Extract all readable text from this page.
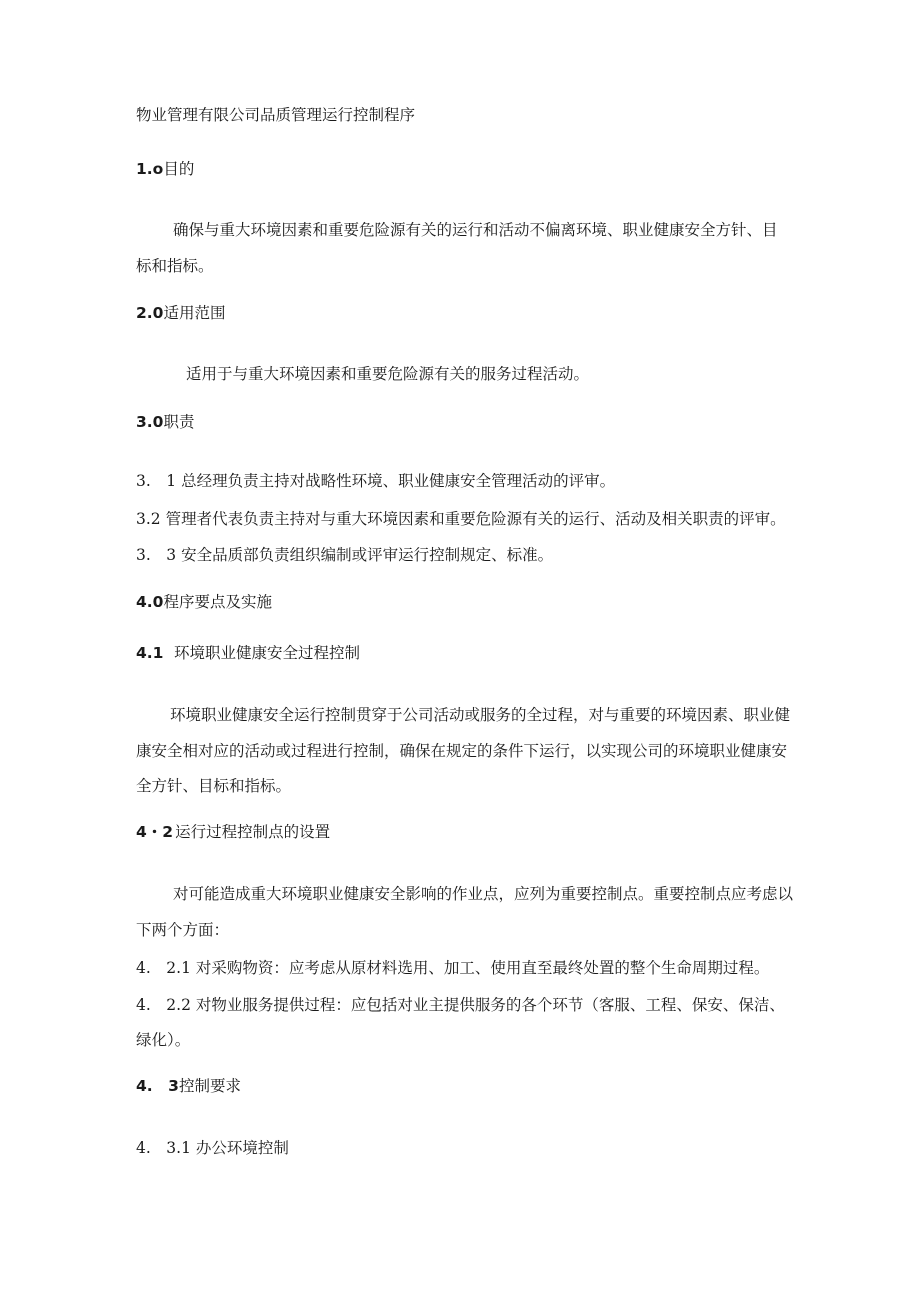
物业管理有限公司品质管理运行控制程序
1.o目的
确保与重大环境因素和重要危险源有关的运行和活动不偏离环境、职业健康安全方针、目
标和指标。
2.0适用范围
适用于与重大环境因素和重要危险源有关的服务过程活动。
3.0职责
3.　1 总经理负责主持对战略性环境、职业健康安全管理活动的评审。
3.2 管理者代表负责主持对与重大环境因素和重要危险源有关的运行、活动及相关职责的评审。
3.　3 安全品质部负责组织编制或评审运行控制规定、标准。
4.0程序要点及实施
4.1 环境职业健康安全过程控制
环境职业健康安全运行控制贯穿于公司活动或服务的全过程，对与重要的环境因素、职业健
康安全相对应的活动或过程进行控制，确保在规定的条件下运行，以实现公司的环境职业健康安
全方针、目标和指标。
4・2 运行过程控制点的设置
对可能造成重大环境职业健康安全影响的作业点，应列为重要控制点。重要控制点应考虑以
下两个方面：
4.　2.1 对采购物资：应考虑从原材料选用、加工、使用直至最终处置的整个生命周期过程。
4.　2.2 对物业服务提供过程：应包括对业主提供服务的各个环节（客服、工程、保安、保洁、
绿化）。
4.　3控制要求
4.　3.1 办公环境控制
